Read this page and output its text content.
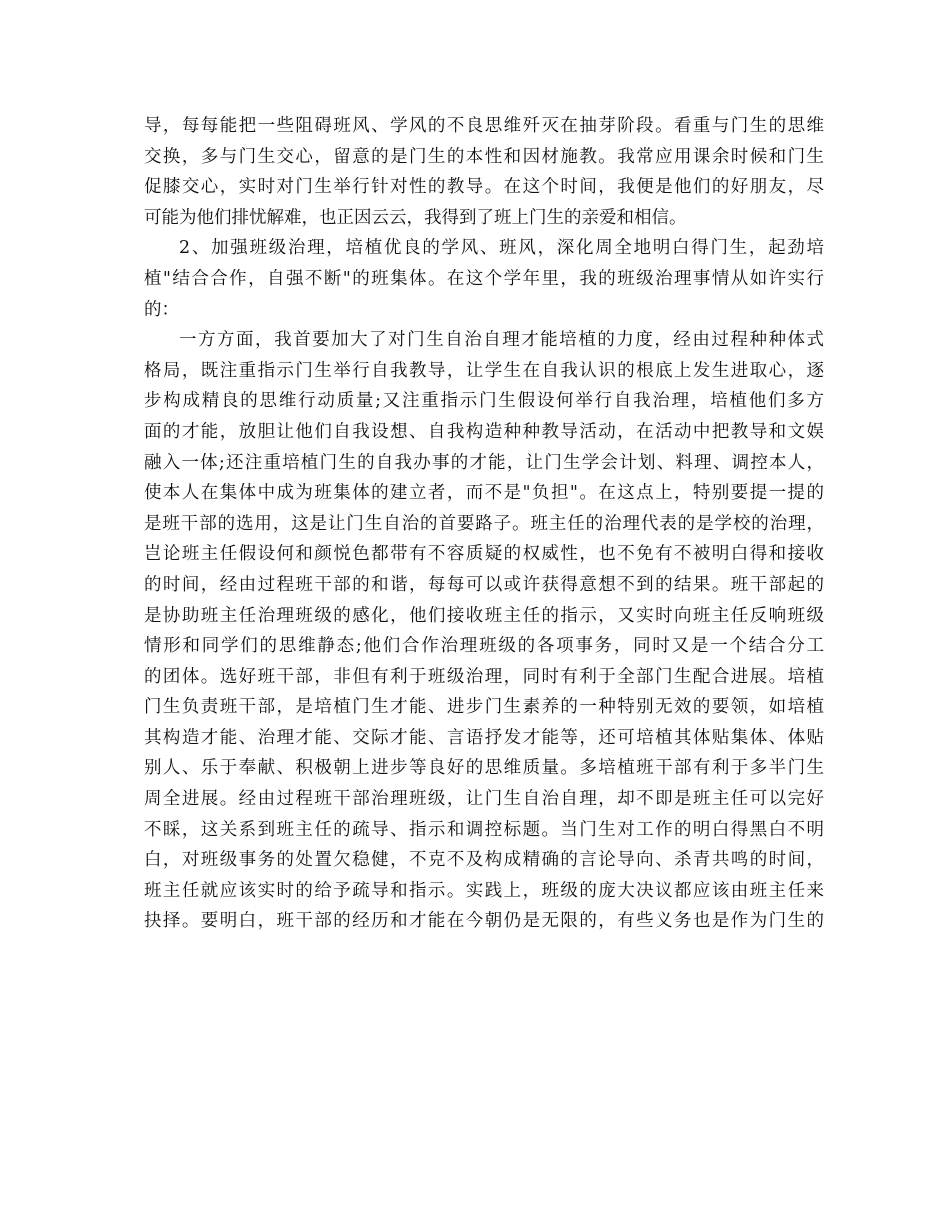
导，每每能把一些阻碍班风、学风的不良思维歼灭在抽芽阶段。看重与门生的思维
交换，多与门生交心，留意的是门生的本性和因材施教。我常应用课余时候和门生
促膝交心，实时对门生举行针对性的教导。在这个时间，我便是他们的好朋友，尽
可能为他们排忧解难，也正因云云，我得到了班上门生的亲爱和相信。
2、加强班级治理，培植优良的学风、班风，深化周全地明白得门生，起劲培
植"结合合作，自强不断"的班集体。在这个学年里，我的班级治理事情从如许实行
的：
一方方面，我首要加大了对门生自治自理才能培植的力度，经由过程种种体式
格局，既注重指示门生举行自我教导，让学生在自我认识的根底上发生进取心，逐
步构成精良的思维行动质量;又注重指示门生假设何举行自我治理，培植他们多方
面的才能，放胆让他们自我设想、自我构造种种教导活动，在活动中把教导和文娱
融入一体;还注重培植门生的自我办事的才能，让门生学会计划、料理、调控本人，
使本人在集体中成为班集体的建立者，而不是"负担"。在这点上，特别要提一提的
是班干部的选用，这是让门生自治的首要路子。班主任的治理代表的是学校的治理，
岂论班主任假设何和颜悦色都带有不容质疑的权威性，也不免有不被明白得和接收
的时间，经由过程班干部的和谐，每每可以或许获得意想不到的结果。班干部起的
是协助班主任治理班级的感化，他们接收班主任的指示，又实时向班主任反响班级
情形和同学们的思维静态;他们合作治理班级的各项事务，同时又是一个结合分工
的团体。选好班干部，非但有利于班级治理，同时有利于全部门生配合进展。培植
门生负责班干部，是培植门生才能、进步门生素养的一种特别无效的要领，如培植
其构造才能、治理才能、交际才能、言语抒发才能等，还可培植其体贴集体、体贴
别人、乐于奉献、积极朝上进步等良好的思维质量。多培植班干部有利于多半门生
周全进展。经由过程班干部治理班级，让门生自治自理，却不即是班主任可以完好
不睬，这关系到班主任的疏导、指示和调控标题。当门生对工作的明白得黑白不明
白，对班级事务的处置欠稳健，不克不及构成精确的言论导向、杀青共鸣的时间，
班主任就应该实时的给予疏导和指示。实践上，班级的庞大决议都应该由班主任来
抉择。要明白，班干部的经历和才能在今朝仍是无限的，有些义务也是作为门生的
